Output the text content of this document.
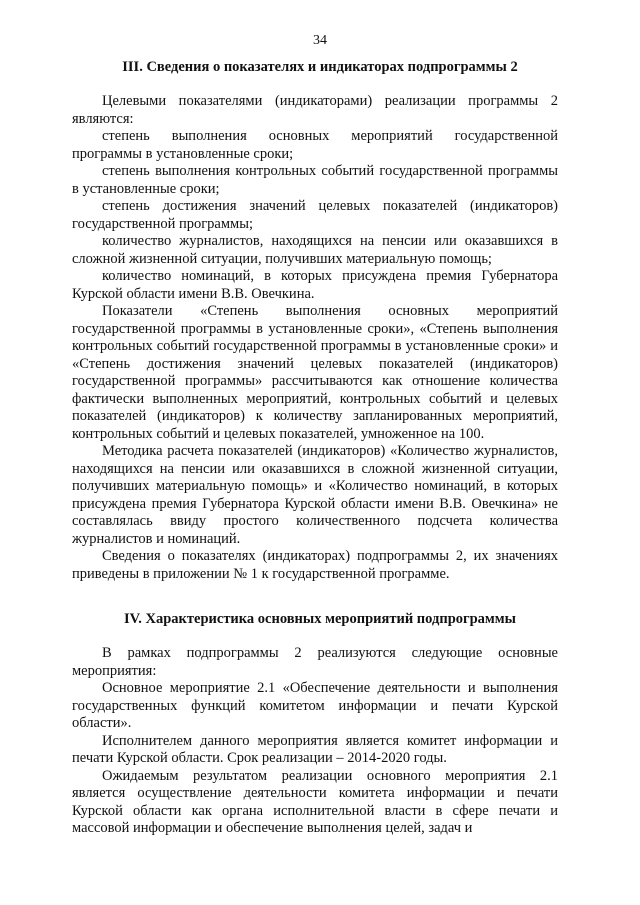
34
III. Сведения о показателях и индикаторах подпрограммы 2

Целевыми показателями (индикаторами) реализации программы 2 являются:

степень выполнения основных мероприятий государственной программы в установленные сроки;

степень выполнения контрольных событий государственной программы в установленные сроки;

степень достижения значений целевых показателей (индикаторов) государственной программы;

количество журналистов, находящихся на пенсии или оказавшихся в сложной жизненной ситуации, получивших материальную помощь;

количество номинаций, в которых присуждена премия Губернатора Курской области имени В.В. Овечкина.

Показатели «Степень выполнения основных мероприятий государственной программы в установленные сроки», «Степень выполнения контрольных событий государственной программы в установленные сроки» и «Степень достижения значений целевых показателей (индикаторов) государственной программы» рассчитываются как отношение количества фактически выполненных мероприятий, контрольных событий и целевых показателей (индикаторов) к количеству запланированных мероприятий, контрольных событий и целевых показателей, умноженное на 100.

Методика расчета показателей (индикаторов) «Количество журналистов, находящихся на пенсии или оказавшихся в сложной жизненной ситуации, получивших материальную помощь» и «Количество номинаций, в которых присуждена премия Губернатора Курской области имени В.В. Овечкина» не составлялась ввиду простого количественного подсчета количества журналистов и номинаций.

Сведения о показателях (индикаторах) подпрограммы 2, их значениях приведены в приложении № 1 к государственной программе.

IV. Характеристика основных мероприятий подпрограммы

В рамках подпрограммы 2 реализуются следующие основные мероприятия:

Основное мероприятие 2.1 «Обеспечение деятельности и выполнения государственных функций комитетом информации и печати Курской области».

Исполнителем данного мероприятия является комитет информации и печати Курской области. Срок реализации – 2014-2020 годы.

Ожидаемым результатом реализации основного мероприятия 2.1 является осуществление деятельности комитета информации и печати Курской области как органа исполнительной власти в сфере печати и массовой информации и обеспечение выполнения целей, задач и
